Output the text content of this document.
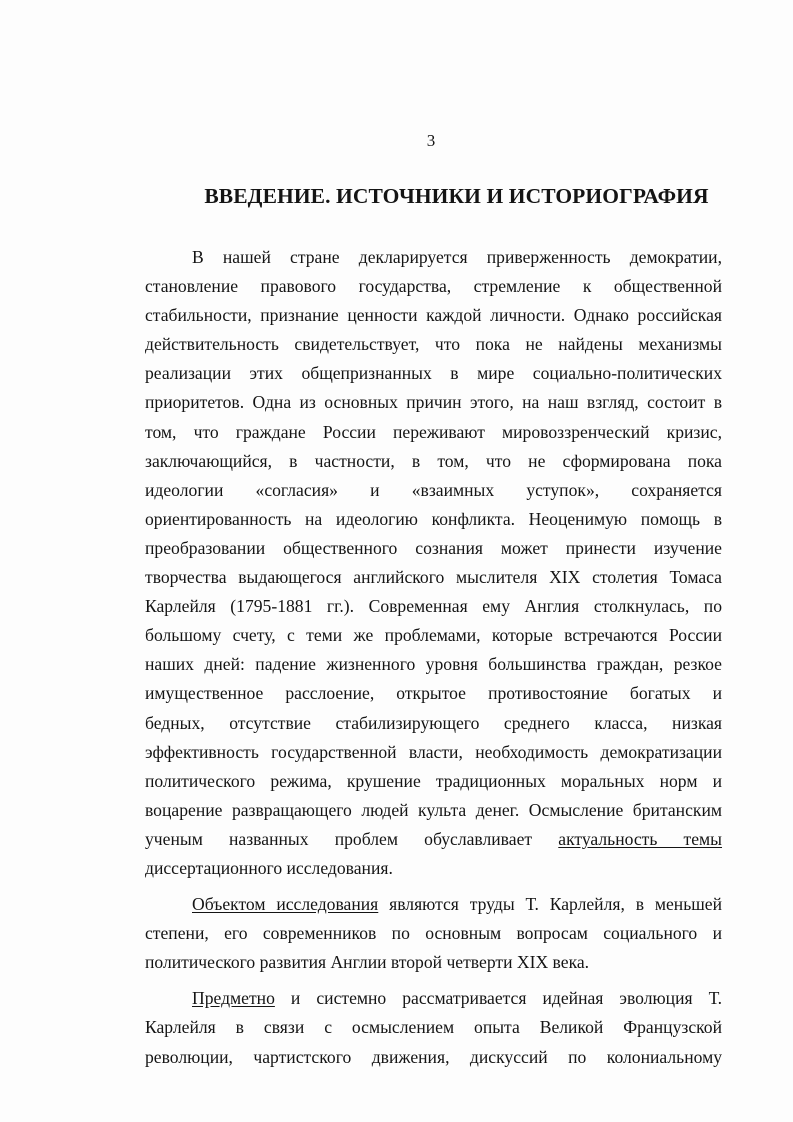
3
ВВЕДЕНИЕ. ИСТОЧНИКИ И ИСТОРИОГРАФИЯ
В нашей стране декларируется приверженность демократии,
становление правового государства, стремление к общественной
стабильности, признание ценности каждой личности. Однако российская
действительность свидетельствует, что пока не найдены механизмы
реализации этих общепризнанных в мире социально-политических
приоритетов. Одна из основных причин этого, на наш взгляд, состоит в
том, что граждане России переживают мировоззренческий кризис,
заключающийся, в частности, в том, что не сформирована пока
идеологии «согласия» и «взаимных уступок», сохраняется
ориентированность на идеологию конфликта. Неоценимую помощь в
преобразовании общественного сознания может принести изучение
творчества выдающегося английского мыслителя XIX столетия Томаса
Карлейля (1795-1881 гг.). Современная ему Англия столкнулась, по
большому счету, с теми же проблемами, которые встречаются России
наших дней: падение жизненного уровня большинства граждан, резкое
имущественное расслоение, открытое противостояние богатых и
бедных, отсутствие стабилизирующего среднего класса, низкая
эффективность государственной власти, необходимость демократизации
политического режима, крушение традиционных моральных норм и
воцарение развращающего людей культа денег. Осмысление британским
ученым названных проблем обуславливает актуальность темы
диссертационного исследования.
Объектом исследования являются труды Т. Карлейля, в меньшей
степени, его современников по основным вопросам социального и
политического развития Англии второй четверти XIX века.
Предметно и системно рассматривается идейная эволюция Т.
Карлейля в связи с осмыслением опыта Великой Французской
революции, чартистского движения, дискуссий по колониальному
